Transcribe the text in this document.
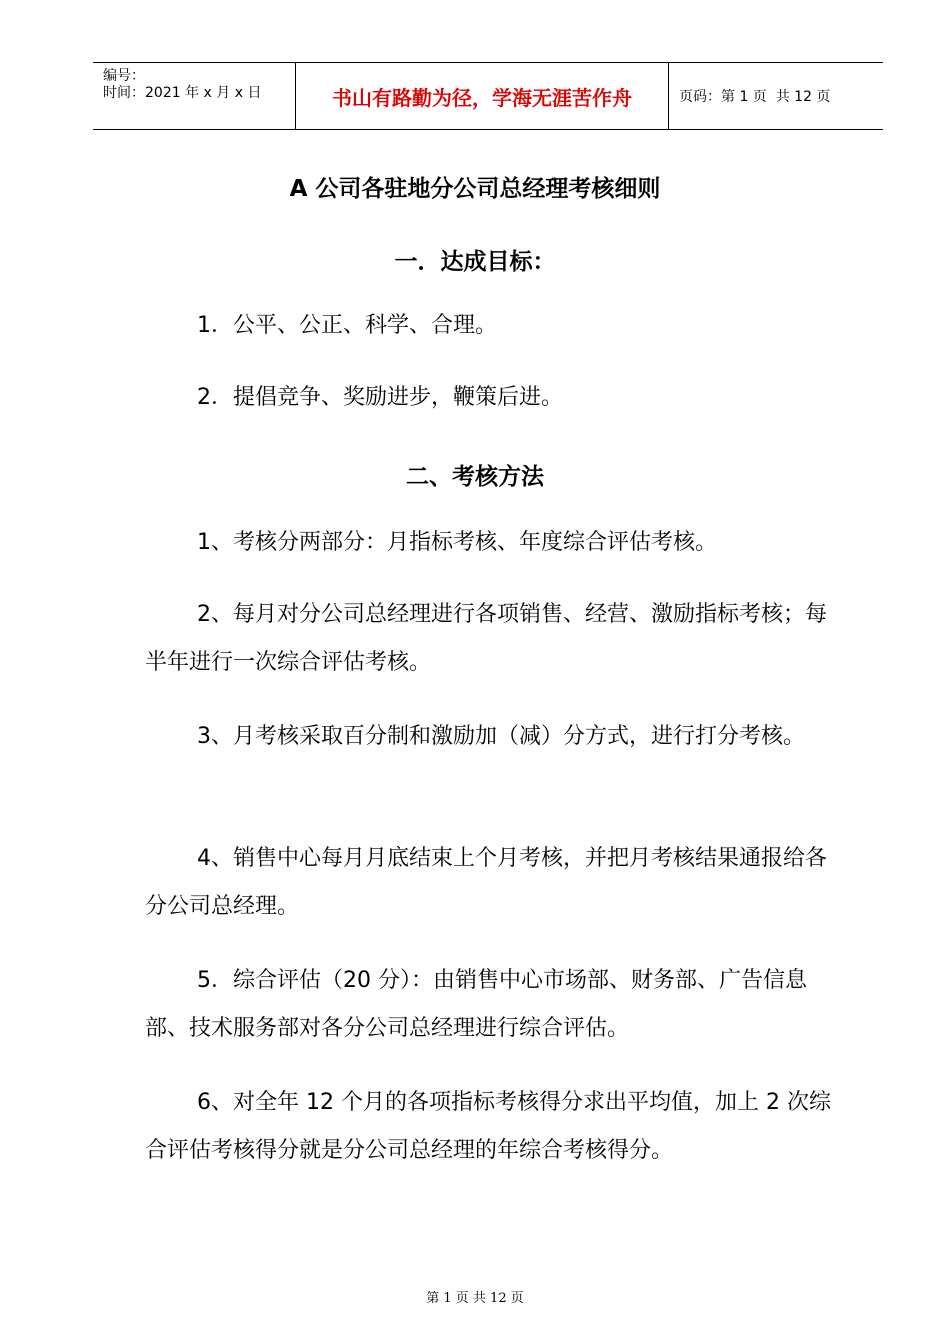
编号：
时间：2021 年 x 月 x 日	书山有路勤为径，学海无涯苦作舟	页码：第 1 页  共 12 页
A 公司各驻地分公司总经理考核细则
一．达成目标：
1．公平、公正、科学、合理。
2．提倡竞争、奖励进步，鞭策后进。
二、考核方法
1、考核分两部分：月指标考核、年度综合评估考核。
2、每月对分公司总经理进行各项销售、经营、激励指标考核；每半年进行一次综合评估考核。
3、月考核采取百分制和激励加（减）分方式，进行打分考核。
4、销售中心每月月底结束上个月考核，并把月考核结果通报给各分公司总经理。
5．综合评估（20 分）：由销售中心市场部、财务部、广告信息部、技术服务部对各分公司总经理进行综合评估。
6、对全年 12 个月的各项指标考核得分求出平均值，加上 2 次综合评估考核得分就是分公司总经理的年综合考核得分。
第 1 页 共 12 页
